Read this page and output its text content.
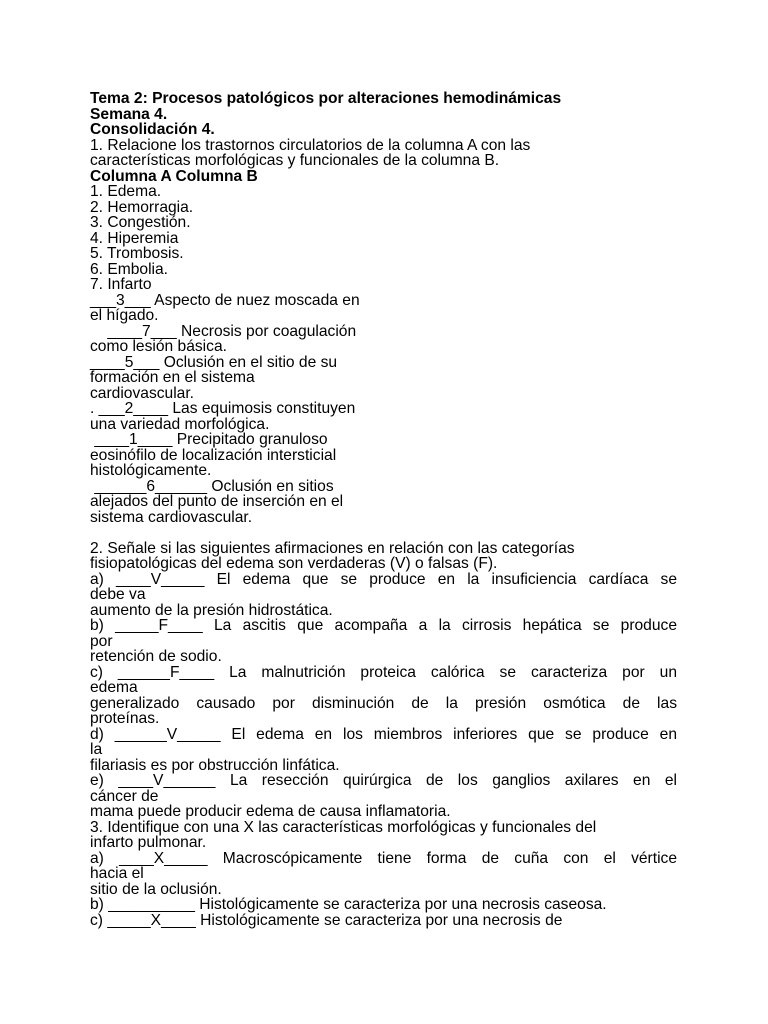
Tema 2: Procesos patológicos por alteraciones hemodinámicas
Semana 4.
Consolidación 4.
1. Relacione los trastornos circulatorios de la columna A con las
características morfológicas y funcionales de la columna B.
Columna A Columna B
1. Edema.
2. Hemorragia.
3. Congestión.
4. Hiperemia
5. Trombosis.
6. Embolia.
7. Infarto
___3___ Aspecto de nuez moscada en
el hígado.
____7___ Necrosis por coagulación
como lesión básica.
____5___ Oclusión en el sitio de su
formación en el sistema
cardiovascular.
. ___2____ Las equimosis constituyen
una variedad morfológica.
____1____ Precipitado granuloso
eosinófilo de localización intersticial
histológicamente.
______6______ Oclusión en sitios
alejados del punto de inserción en el
sistema cardiovascular.
2. Señale si las siguientes afirmaciones en relación con las categorías
fisiopatológicas del edema son verdaderas (V) o falsas (F).
a) ____V_____ El edema que se produce en la insuficiencia cardíaca se
debe va
aumento de la presión hidrostática.
b) _____F____ La ascitis que acompaña a la cirrosis hepática se produce
por
retención de sodio.
c) ______F____ La malnutrición proteica calórica se caracteriza por un
edema
generalizado causado por disminución de la presión osmótica de las
proteínas.
d) ______V_____ El edema en los miembros inferiores que se produce en
la
filariasis es por obstrucción linfática.
e) ____V______ La resección quirúrgica de los ganglios axilares en el
cáncer de
mama puede producir edema de causa inflamatoria.
3. Identifique con una X las características morfológicas y funcionales del
infarto pulmonar.
a) ____X_____ Macroscópicamente tiene forma de cuña con el vértice
hacia el
sitio de la oclusión.
b) __________ Histológicamente se caracteriza por una necrosis caseosa.
c) _____X____ Histológicamente se caracteriza por una necrosis de
